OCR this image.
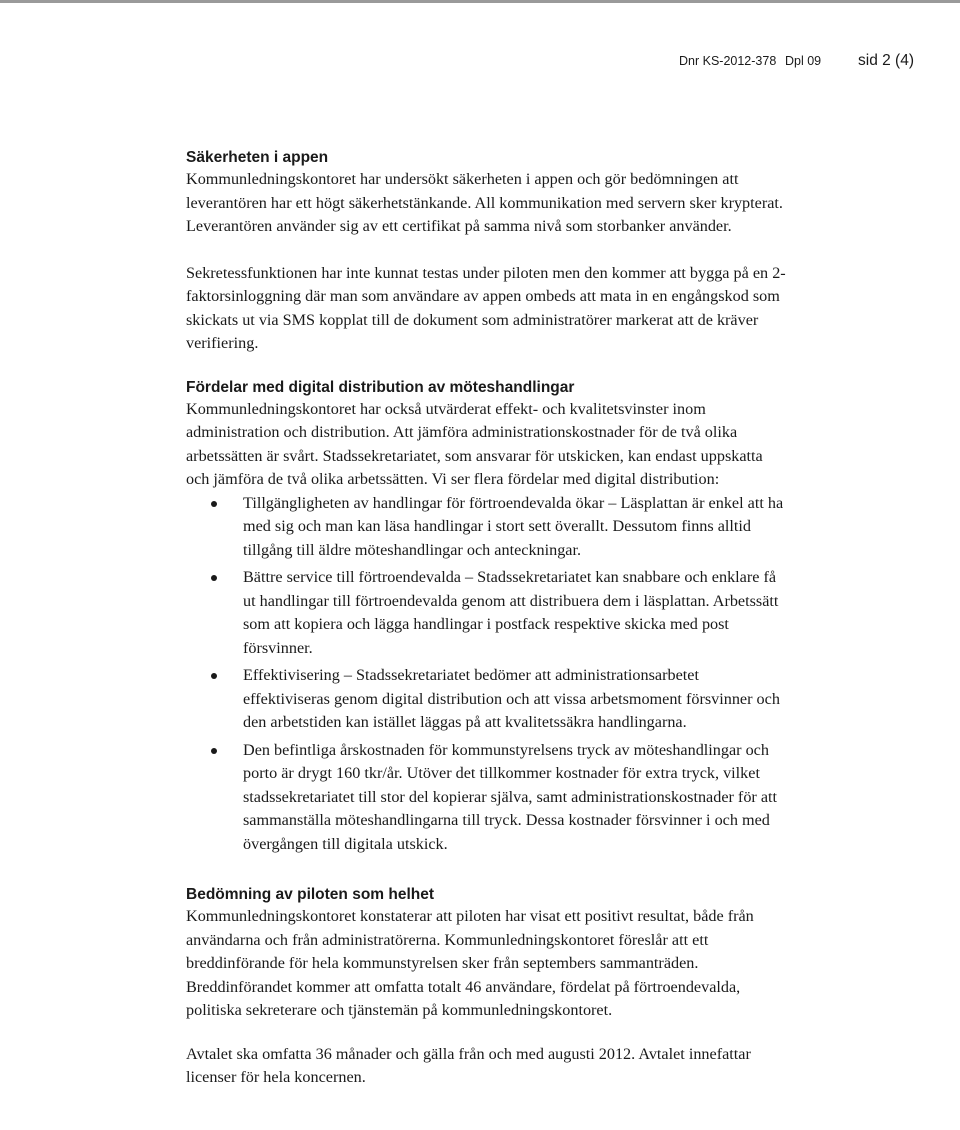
Dnr KS-2012-378 Dpl 09 sid 2 (4)
Säkerheten i appen

Kommunledningskontoret har undersökt säkerheten i appen och gör bedömningen att leverantören har ett högt säkerhetstänkande. All kommunikation med servern sker krypterat. Leverantören använder sig av ett certifikat på samma nivå som storbanker använder.

Sekretessfunktionen har inte kunnat testas under piloten men den kommer att bygga på en 2-faktorsinloggning där man som användare av appen ombeds att mata in en engångskod som skickats ut via SMS kopplat till de dokument som administratörer markerat att de kräver verifiering.

Fördelar med digital distribution av möteshandlingar

Kommunledningskontoret har också utvärderat effekt- och kvalitetsvinster inom administration och distribution. Att jämföra administrationskostnader för de två olika arbetssätten är svårt. Stadssekretariatet, som ansvarar för utskicken, kan endast uppskatta och jämföra de två olika arbetssätten. Vi ser flera fördelar med digital distribution:

Tillgängligheten av handlingar för förtroendevalda ökar – Läsplattan är enkel att ha med sig och man kan läsa handlingar i stort sett överallt. Dessutom finns alltid tillgång till äldre möteshandlingar och anteckningar.
Bättre service till förtroendevalda – Stadssekretariatet kan snabbare och enklare få ut handlingar till förtroendevalda genom att distribuera dem i läsplattan. Arbetssätt som att kopiera och lägga handlingar i postfack respektive skicka med post försvinner.
Effektivisering – Stadssekretariatet bedömer att administrationsarbetet effektiviseras genom digital distribution och att vissa arbetsmoment försvinner och den arbetstiden kan istället läggas på att kvalitetssäkra handlingarna.
Den befintliga årskostnaden för kommunstyrelsens tryck av möteshandlingar och porto är drygt 160 tkr/år. Utöver det tillkommer kostnader för extra tryck, vilket stadssekretariatet till stor del kopierar själva, samt administrationskostnader för att sammanställa möteshandlingarna till tryck. Dessa kostnader försvinner i och med övergången till digitala utskick.
Bedömning av piloten som helhet

Kommunledningskontoret konstaterar att piloten har visat ett positivt resultat, både från användarna och från administratörerna. Kommunledningskontoret föreslår att ett breddinförande för hela kommunstyrelsen sker från septembers sammanträden. Breddinförandet kommer att omfatta totalt 46 användare, fördelat på förtroendevalda, politiska sekreterare och tjänstemän på kommunledningskontoret.

Avtalet ska omfatta 36 månader och gälla från och med augusti 2012. Avtalet innefattar licenser för hela koncernen.
